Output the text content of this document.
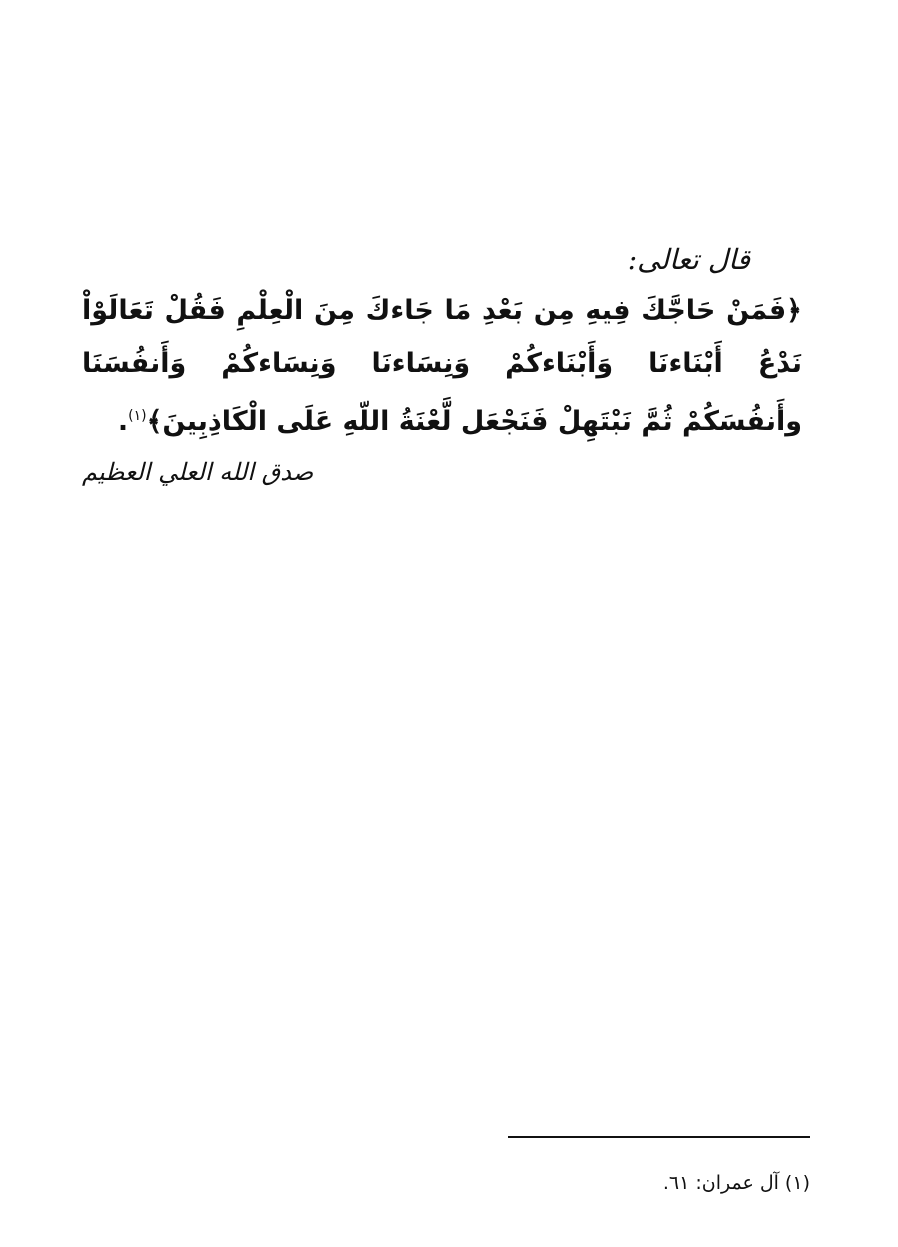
قال تعالى:
﴿فَمَنْ حَاجَّكَ فِيهِ مِن بَعْدِ مَا جَاءكَ مِنَ الْعِلْمِ فَقُلْ تَعَالَوْاْ نَدْعُ أَبْنَاءنَا وَأَبْنَاءكُمْ وَنِسَاءنَا وَنِسَاءكُمْ وَأَنفُسَنَا وأَنفُسَكُمْ ثُمَّ نَبْتَهِلْ فَنَجْعَل لَّعْنَةُ اللّهِ عَلَى الْكَاذِبِينَ﴾$^{(١)}$.
صدق الله العلي العظيم
(١) آل عمران: ٦١.
